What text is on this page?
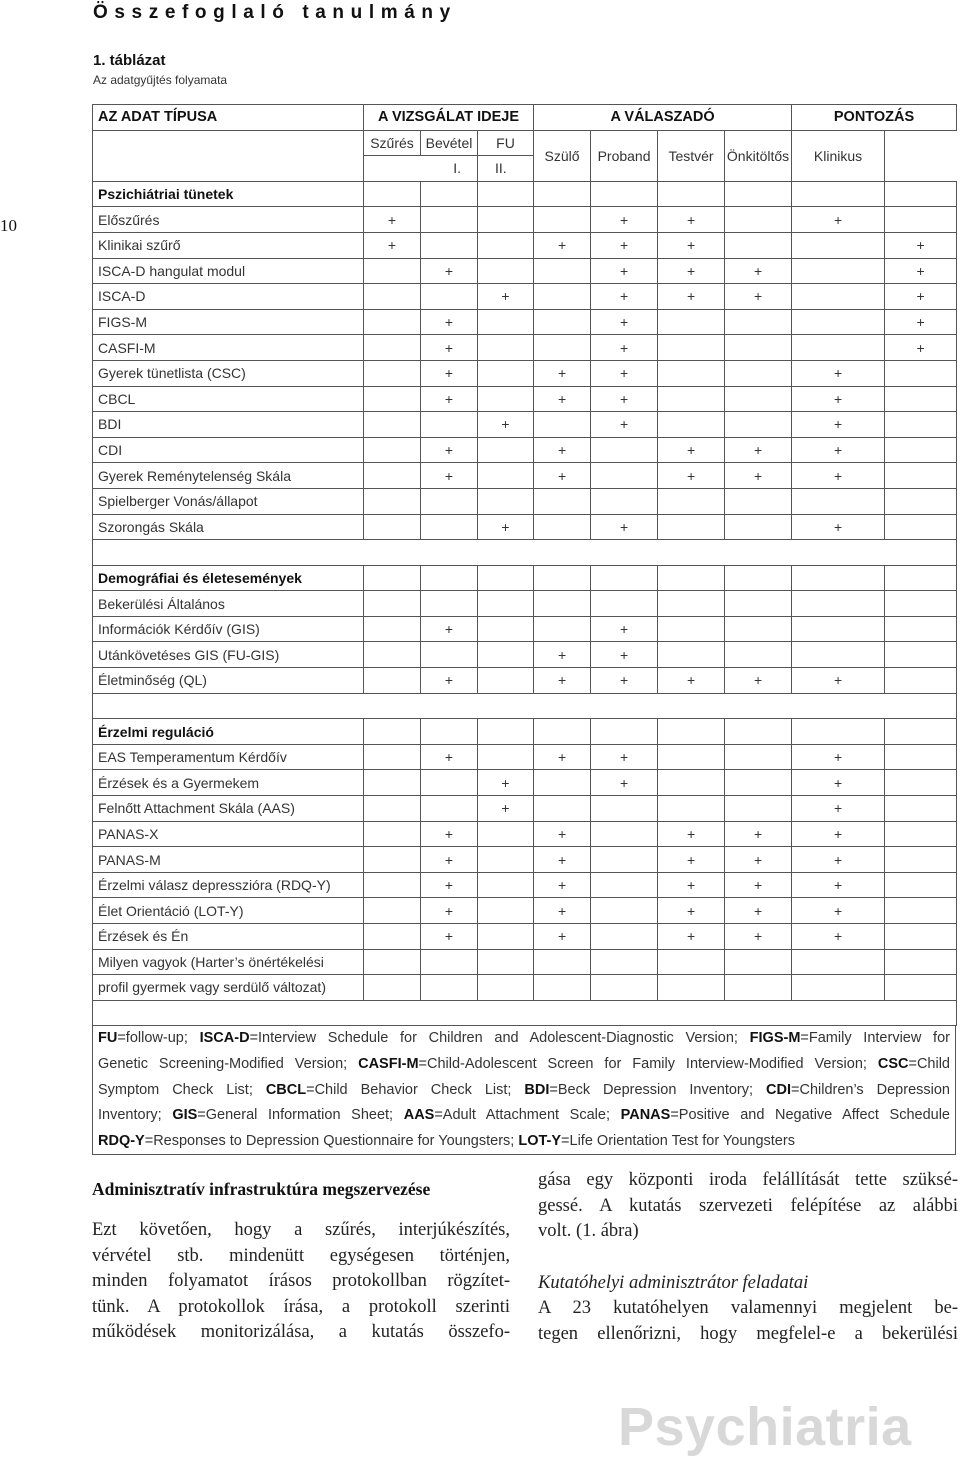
Összefoglaló tanulmány
10
1. táblázat
Az adatgyűjtés folyamata
AZ ADAT TÍPUSA	A VIZSGÁLAT IDEJE			A VÁLASZADÓ				PONTOZÁS	
	Szűrés	Bevétel	FU	Szülő	Proband	Testvér	Önkitöltős	Klinikus	
	I.		II.						
Pszichiátriai tünetek									
Előszűrés	+				+	+		+	
Klinikai szűrő	+			+	+	+			+
ISCA-D hangulat modul		+			+	+	+		+
ISCA-D			+		+	+	+		+
FIGS-M		+			+				+
CASFI-M		+			+				+
Gyerek tünetlista (CSC)		+		+	+			+	
CBCL		+		+	+			+	
BDI			+		+			+	
CDI		+		+		+	+	+	
Gyerek Reménytelenség Skála		+		+		+	+	+	
Spielberger Vonás/állapot									
Szorongás Skála			+		+			+	

Demográfiai és életesemények									
Bekerülési Általános									
Információk Kérdőív (GIS)		+			+				
Utánkövetéses GIS (FU-GIS)				+	+				
Életminőség (QL)		+		+	+	+	+	+	

Érzelmi reguláció									
EAS Temperamentum Kérdőív		+		+	+			+	
Érzések és a Gyermekem			+		+			+	
Felnőtt Attachment Skála (AAS)			+					+	
PANAS-X		+		+		+	+	+	
PANAS-M		+		+		+	+	+	
Érzelmi válasz depresszióra (RDQ-Y)		+		+		+	+	+	
Élet Orientáció (LOT-Y)		+		+		+	+	+	
Érzések és Én		+		+		+	+	+	
Milyen vagyok (Harter’s önértékelési									
profil gyermek vagy serdülő változat)									

FU=follow-up; ISCA-D=Interview Schedule for Children and Adolescent-Diagnostic Version; FIGS-M=Family Interview for
Genetic Screening-Modified Version; CASFI-M=Child-Adolescent Screen for Family Interview-Modified Version; CSC=Child
Symptom Check List; CBCL=Child Behavior Check List; BDI=Beck Depression Inventory; CDI=Children’s Depression
Inventory; GIS=General Information Sheet; AAS=Adult Attachment Scale; PANAS=Positive and Negative Affect Schedule
RDQ-Y=Responses to Depression Questionnaire for Youngsters; LOT-Y=Life Orientation Test for Youngsters
Adminisztratív infrastruktúra megszervezése
Ezt követően, hogy a szűrés, interjúkészítés,
vérvétel stb. mindenütt egységesen történjen,
minden folyamatot írásos protokollban rögzítet-
tünk. A protokollok írása, a protokoll szerinti
működések monitorizálása, a kutatás összefo-
gása egy központi iroda felállítását tette szüksé-
gessé. A kutatás szervezeti felépítése az alábbi
volt. (1. ábra)
Kutatóhelyi adminisztrátor feladatai
A 23 kutatóhelyen valamennyi megjelent be-
tegen ellenőrizni, hogy megfelel-e a bekerülési
Psychiatria
